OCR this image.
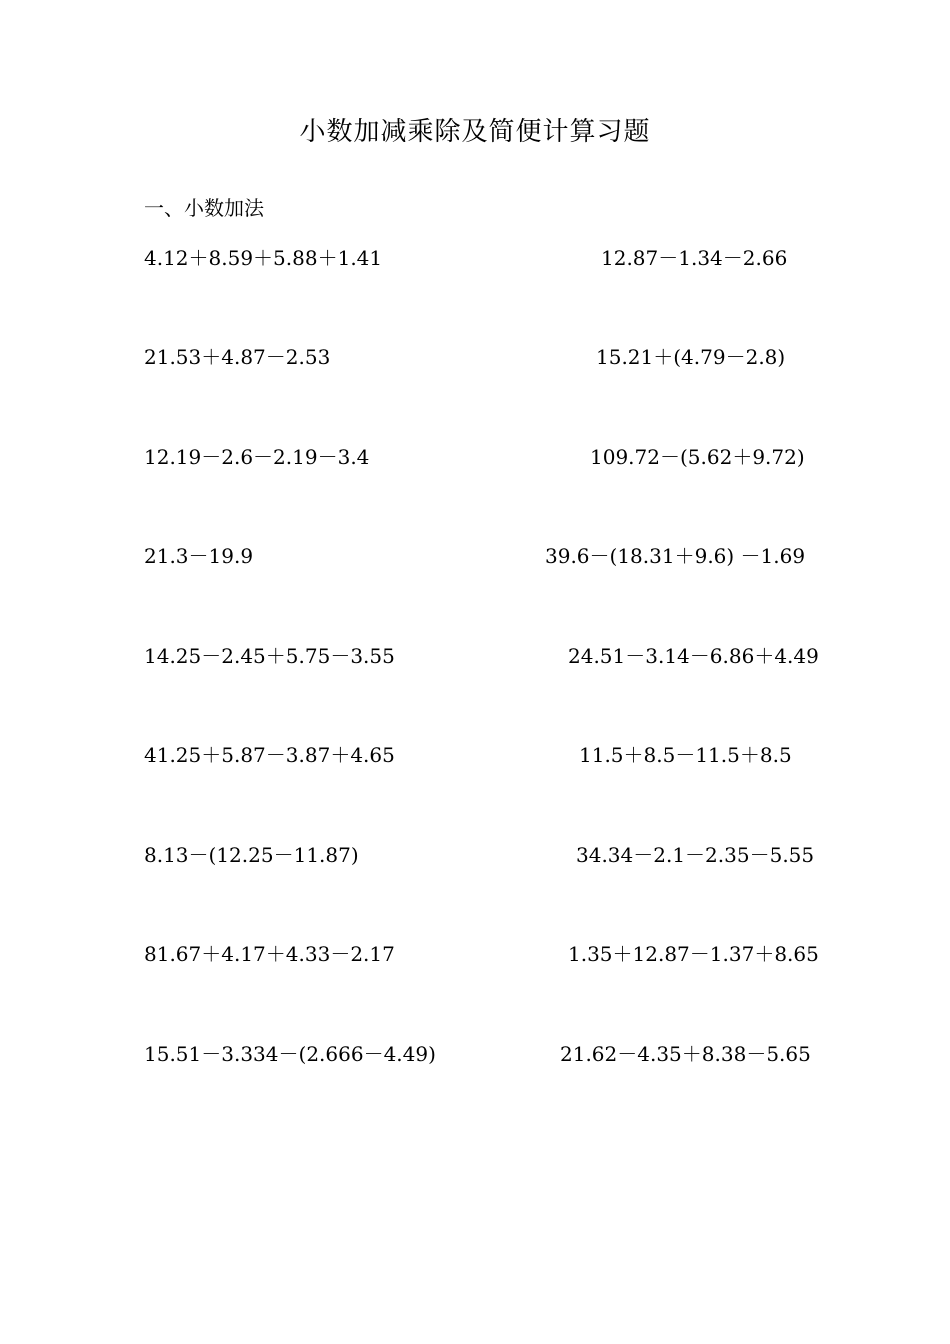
小数加减乘除及简便计算习题
一、小数加法
4.12＋8.59＋5.88＋1.41	12.87－1.34－2.66
21.53＋4.87－2.53	15.21＋(4.79－2.8)
12.19－2.6－2.19－3.4	109.72－(5.62＋9.72)
21.3－19.9	39.6－(18.31＋9.6) －1.69
14.25－2.45＋5.75－3.55	24.51－3.14－6.86＋4.49
41.25＋5.87－3.87＋4.65	11.5＋8.5－11.5＋8.5
8.13－(12.25－11.87)	34.34－2.1－2.35－5.55
81.67＋4.17＋4.33－2.17	1.35＋12.87－1.37＋8.65
15.51－3.334－(2.666－4.49)	21.62－4.35＋8.38－5.65
